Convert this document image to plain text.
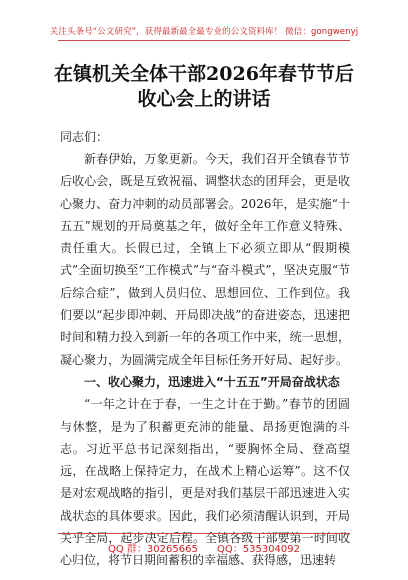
关注头条号“公文研究”，获得最新最全最专业的公文资料库！ 微信：gongwenyj
在镇机关全体干部2026年春节节后收心会上的讲话
同志们：

新春伊始，万象更新。今天，我们召开全镇春节节后收心会，既是互致祝福、调整状态的团拜会，更是收心聚力、奋力冲刺的动员部署会。2026年，是实施“十五五”规划的开局奠基之年，做好全年工作意义特殊、责任重大。长假已过，全镇上下必须立即从“假期模式”全面切换至“工作模式”与“奋斗模式”，坚决克服“节后综合症”，做到人员归位、思想回位、工作到位。我们要以“起步即冲刺、开局即决战”的奋进姿态，迅速把时间和精力投入到新一年的各项工作中来，统一思想，凝心聚力，为圆满完成全年目标任务开好局、起好步。

一、收心聚力，迅速进入“十五五”开局奋战状态

“一年之计在于春，一生之计在于勤。”春节的团圆与休整，是为了积蓄更充沛的能量、昂扬更饱满的斗志。习近平总书记深刻指出，“要胸怀全局、登高望远，在战略上保持定力，在战术上精心运筹”。这不仅是对宏观战略的指引，更是对我们基层干部迅速进入实战状态的具体要求。因此，我们必须清醒认识到，开局关乎全局，起步决定后程。全镇各级干部要第一时间收心归位，将节日期间蓄积的幸福感、获得感，迅速转

QQ 群：30265665 QQ：535304092
